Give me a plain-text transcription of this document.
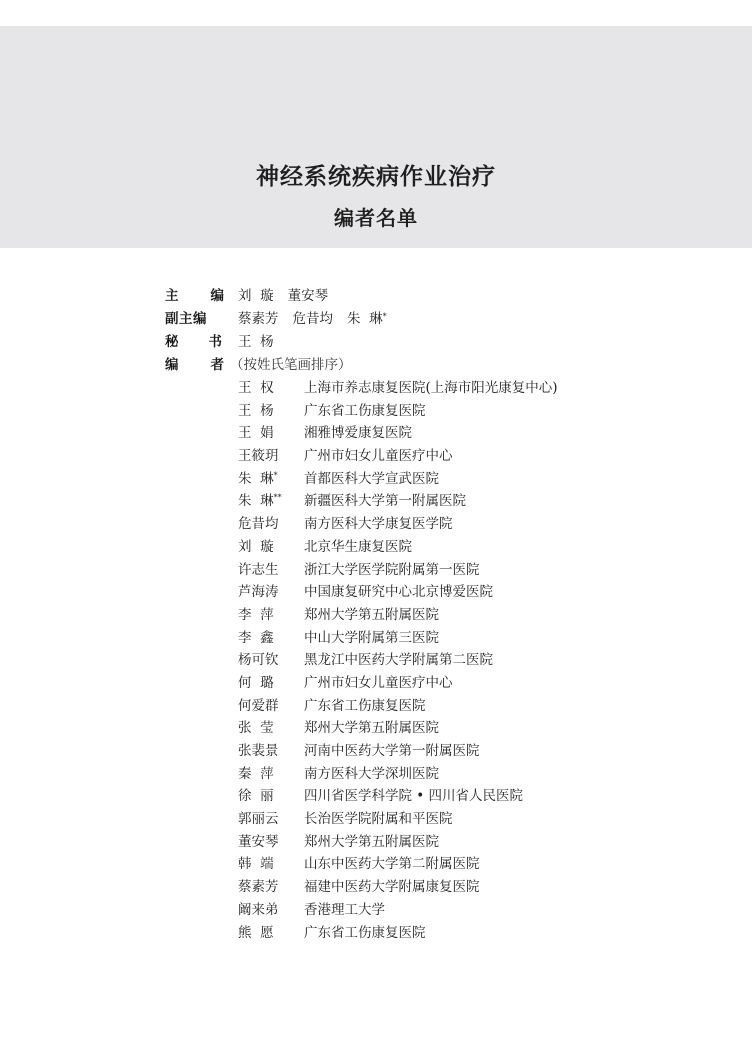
神经系统疾病作业治疗
编者名单
主 编 刘  璇 董安琴
副主编 蔡素芳 危昔均 朱  琳*
秘 书 王  杨
编 者 （按姓氏笔画排序）
王  权	上海市养志康复医院(上海市阳光康复中心)
王  杨	广东省工伤康复医院
王  娟	湘雅博爱康复医院
王筱玥	广州市妇女儿童医疗中心
朱  琳*	首都医科大学宣武医院
朱  琳**	新疆医科大学第一附属医院
危昔均	南方医科大学康复医学院
刘  璇	北京华生康复医院
许志生	浙江大学医学院附属第一医院
芦海涛	中国康复研究中心北京博爱医院
李  萍	郑州大学第五附属医院
李  鑫	中山大学附属第三医院
杨可钦	黑龙江中医药大学附属第二医院
何  璐	广州市妇女儿童医疗中心
何爱群	广东省工伤康复医院
张  莹	郑州大学第五附属医院
张裴景	河南中医药大学第一附属医院
秦  萍	南方医科大学深圳医院
徐  丽	四川省医学科学院 • 四川省人民医院
郭丽云	长治医学院附属和平医院
董安琴	郑州大学第五附属医院
韩  端	山东中医药大学第二附属医院
蔡素芳	福建中医药大学附属康复医院
阚来弟	香港理工大学
熊  愿	广东省工伤康复医院
